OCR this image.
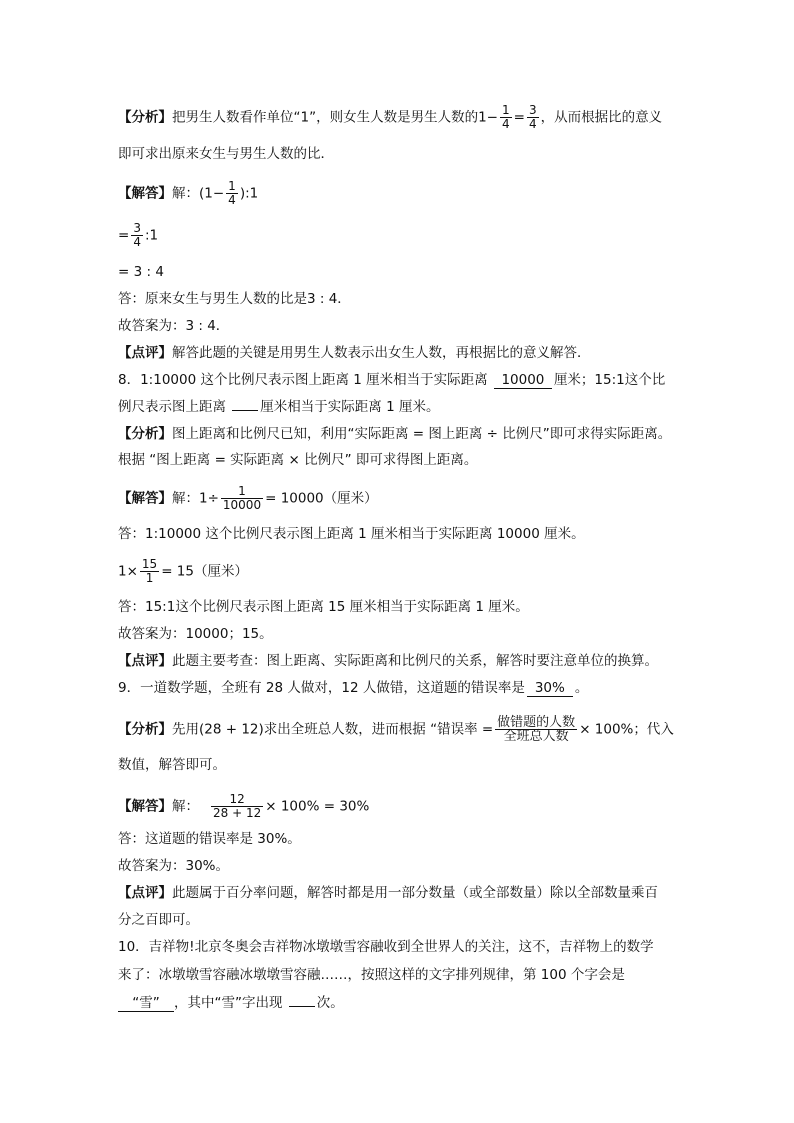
【分析】把男生人数看作单位“1”，则女生人数是男生人数的$1- \frac{1}{4} = \frac{3}{4}$ ，从而根据比的意义
即可求出原来女生与男生人数的比．
【解答】解：($1- \frac{1}{4}$ ):1
= $\frac{3}{4}$ :1
= 3 : 4
答：原来女生与男生人数的比是3 : 4．
故答案为：3 : 4．
【点评】解答此题的关键是用男生人数表示出女生人数，再根据比的意义解答．
8．1:10000 这个比例尺表示图上距离 1 厘米相当于实际距离 10000 厘米；15:1这个比
例尺表示图上距离	厘米相当于实际距离 1 厘米。
【分析】图上距离和比例尺已知，利用“实际距离 = 图上距离 ÷ 比例尺”即可求得实际距离。
根据 “图上距离 = 实际距离 × 比例尺” 即可求得图上距离。
【解答】解：$1\div \frac{1}{10000} = 10000$（厘米）
答：1:10000 这个比例尺表示图上距离 1 厘米相当于实际距离 10000 厘米。
$1\times \frac{15}{1} = 15$（厘米）
答：15:1这个比例尺表示图上距离 15 厘米相当于实际距离 1 厘米。
故答案为：10000；15。
【点评】此题主要考查：图上距离、实际距离和比例尺的关系，解答时要注意单位的换算。
9．一道数学题，全班有 28 人做对，12 人做错，这道题的错误率是 30% 。
【分析】先用(28 + 12)求出全班总人数，进而根据 “错误率 = $\frac{\text{做错题的人数}}{\text{全班总人数}} \times 100\%$；代入
数值，解答即可。
【解答】解： $\frac{12}{28 + 12} \times 100\% = 30\%$
答：这道题的错误率是 30%。
故答案为：30%。
【点评】此题属于百分率问题，解答时都是用一部分数量（或全部数量）除以全部数量乘百
分之百即可。
10．吉祥物!北京冬奥会吉祥物冰墩墩雪容融收到全世界人的关注，这不，吉祥物上的数学
来了：冰墩墩雪容融冰墩墩雪容融……，按照这样的文字排列规律，第 100 个字会是
“雪” ，其中“雪”字出现	次。
